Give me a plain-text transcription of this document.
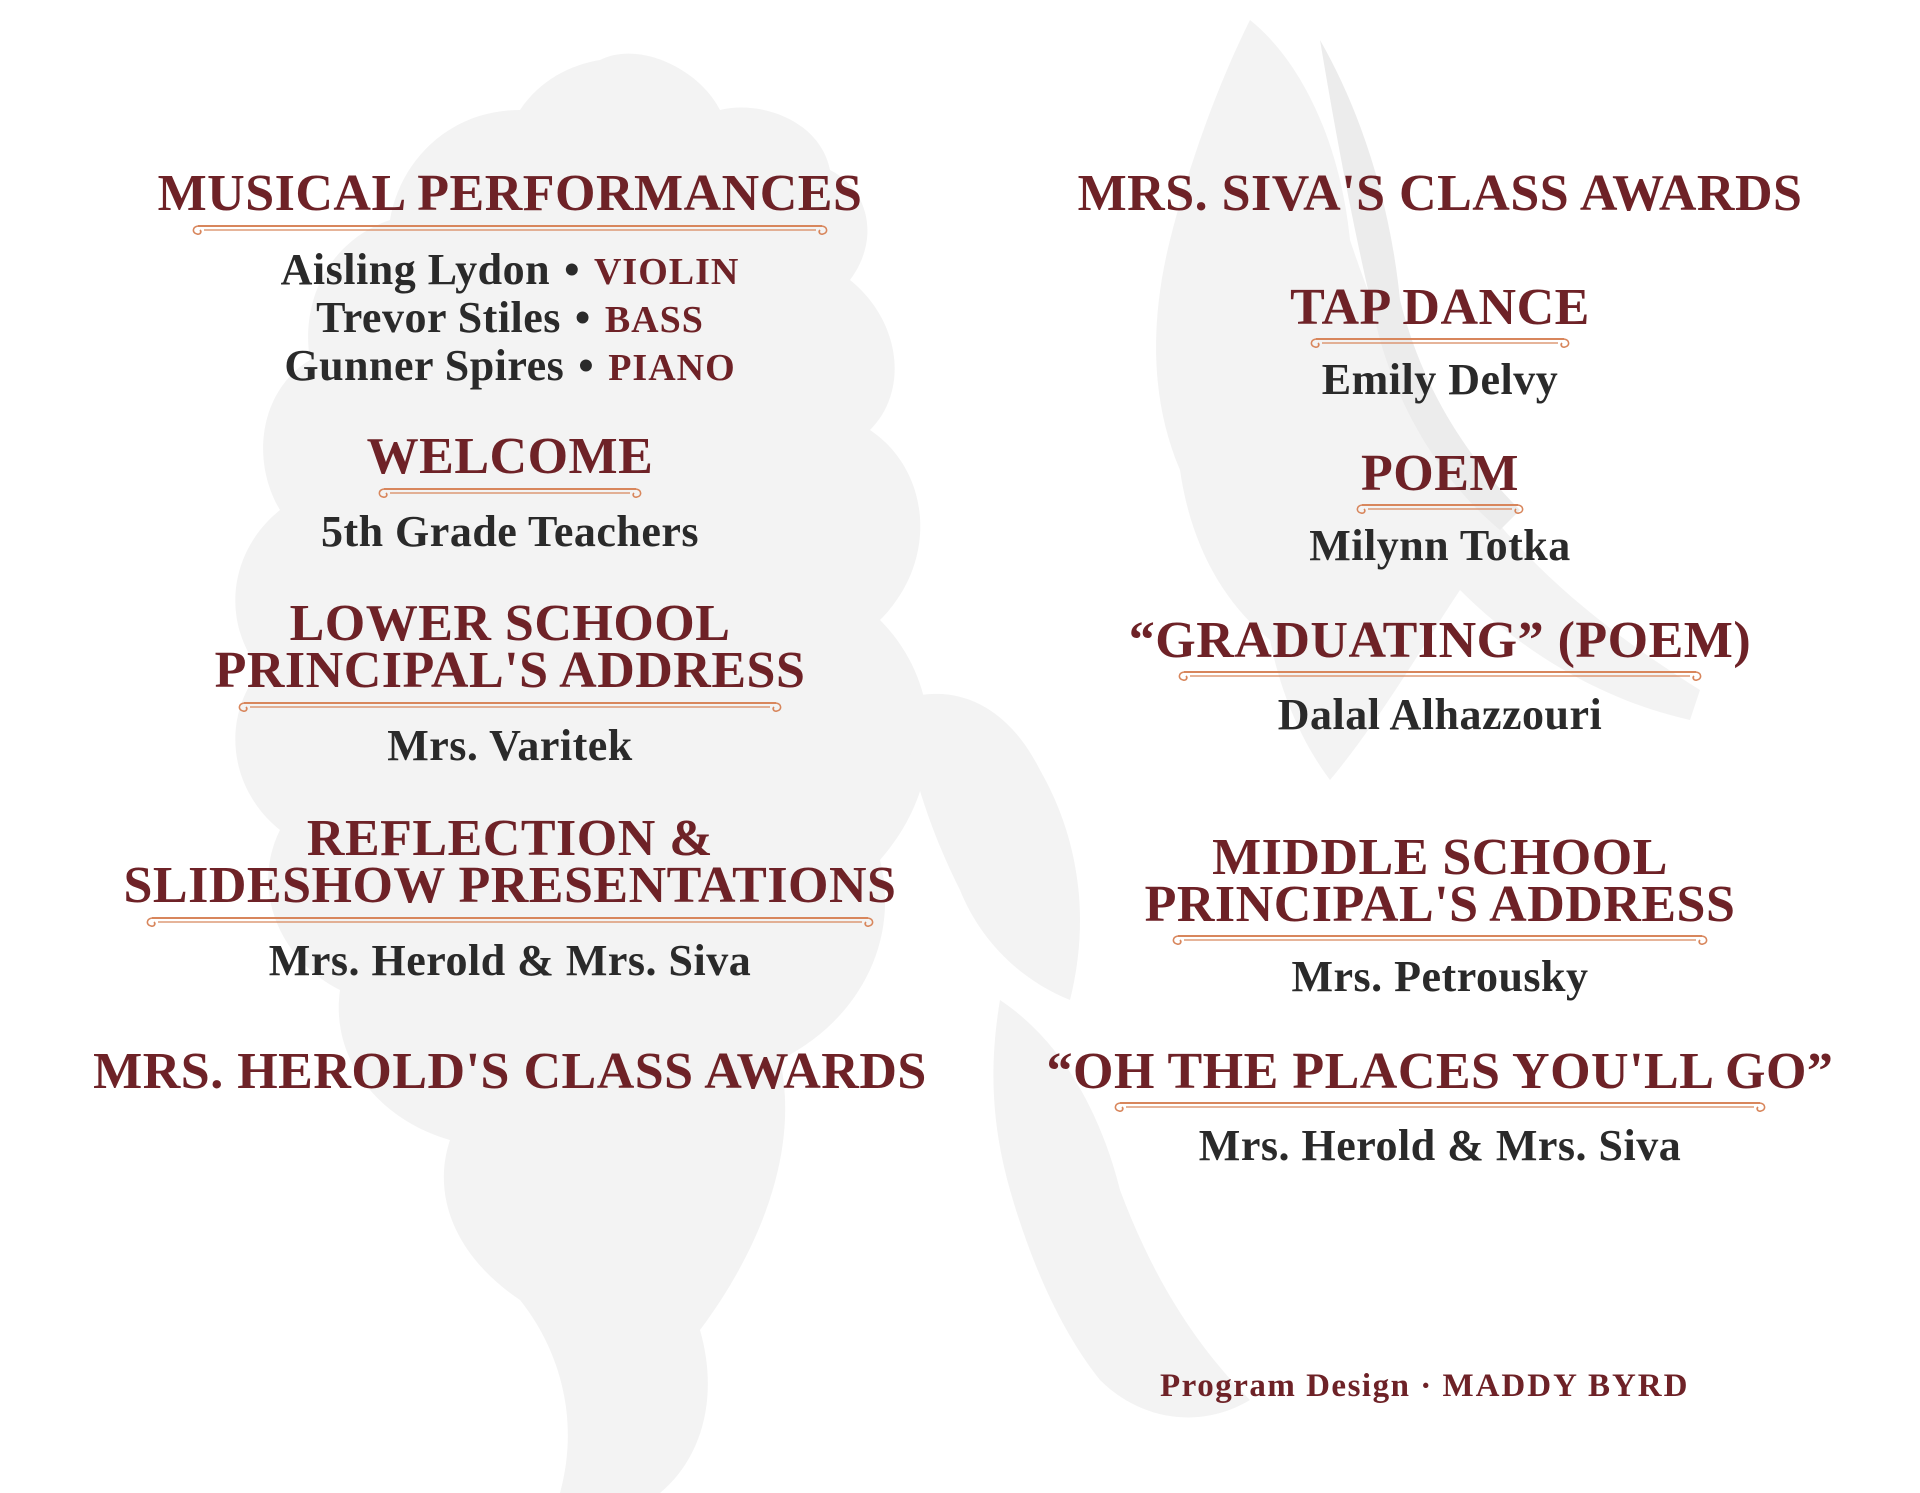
MUSICAL PERFORMANCES
Aisling Lydon • VIOLIN
Trevor Stiles • BASS
Gunner Spires • PIANO
WELCOME
5th Grade Teachers
LOWER SCHOOL
PRINCIPAL'S ADDRESS
Mrs. Varitek
REFLECTION &
SLIDESHOW PRESENTATIONS
Mrs. Herold & Mrs. Siva
MRS. HEROLD'S CLASS AWARDS
MRS. SIVA'S CLASS AWARDS
TAP DANCE
Emily Delvy
POEM
Milynn Totka
“GRADUATING” (POEM)
Dalal Alhazzouri
MIDDLE SCHOOL
PRINCIPAL'S ADDRESS
Mrs. Petrousky
“OH THE PLACES YOU'LL GO”
Mrs. Herold & Mrs. Siva
Program Design · MADDY BYRD
